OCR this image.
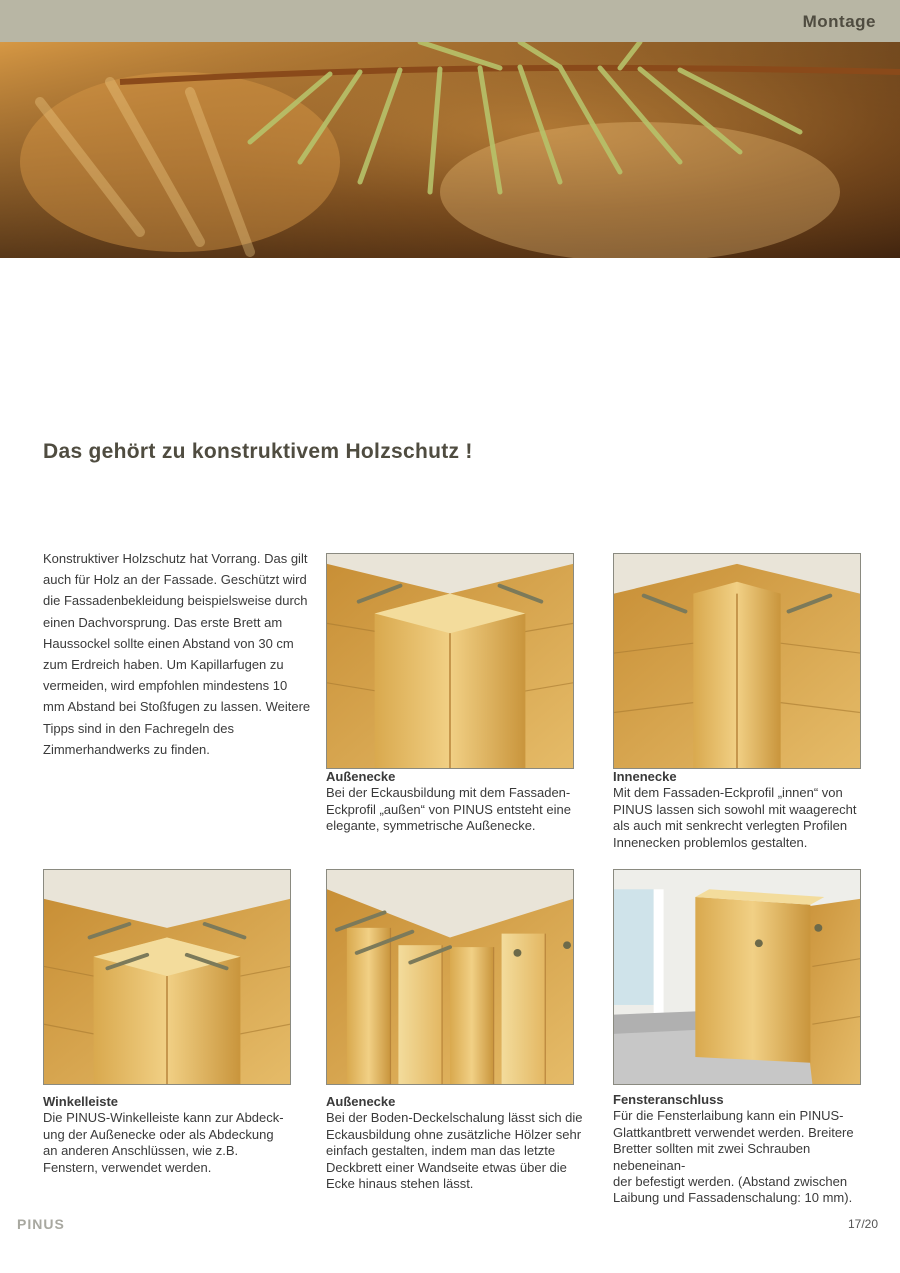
Montage
Das gehört zu konstruktivem Holzschutz !
Konstruktiver Holzschutz hat Vorrang. Das gilt auch für Holz an der Fassade. Geschützt wird die Fassadenbekleidung beispielsweise durch einen Dachvorsprung. Das erste Brett am Haussockel sollte einen Abstand von 30 cm zum Erdreich haben. Um Kapillarfugen zu vermeiden, wird empfohlen mindestens 10 mm Abstand bei Stoßfugen zu lassen. Weitere Tipps sind in den Fachregeln des Zimmerhandwerks zu finden.
Außenecke
Bei der Eckausbildung mit dem Fassaden-
Eckprofil „außen“ von PINUS entsteht eine
elegante, symmetrische Außenecke.
Innenecke
Mit dem Fassaden-Eckprofil „innen“ von
PINUS lassen sich sowohl mit waagerecht
als auch mit senkrecht verlegten Profilen
Innenecken problemlos gestalten.
Winkelleiste
Die PINUS-Winkelleiste kann zur Abdeck-
ung der Außenecke oder als Abdeckung
an anderen Anschlüssen, wie z.B.
Fenstern, verwendet werden.
Außenecke
Bei der Boden-Deckelschalung lässt sich die
Eckausbildung ohne zusätzliche Hölzer sehr
einfach gestalten, indem man das letzte
Deckbrett einer Wandseite etwas über die
Ecke hinaus stehen lässt.
Fensteranschluss
Für die Fensterlaibung kann ein PINUS-
Glattkantbrett verwendet werden. Breitere
Bretter sollten mit zwei Schrauben nebeneinan-
der befestigt werden. (Abstand zwischen
Laibung und Fassadenschalung: 10 mm).
PINUS	17/20
